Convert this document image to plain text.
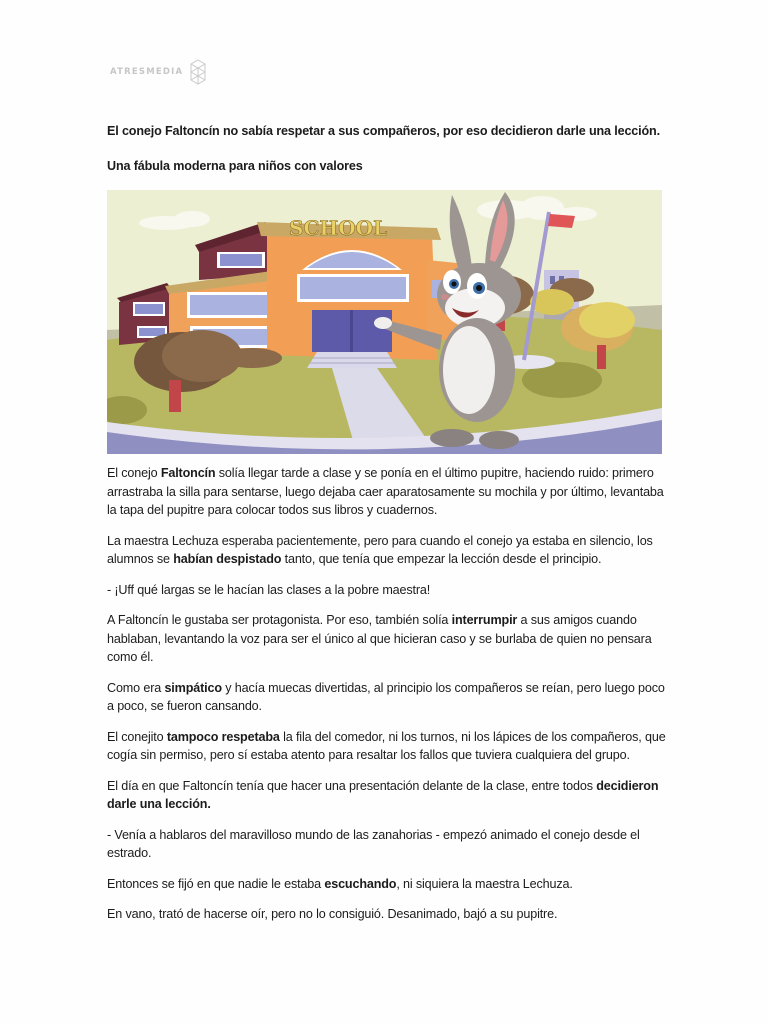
ATRESMEDIA

El conejo Faltoncín no sabía respetar a sus compañeros, por eso decidieron darle una lección.

Una fábula moderna para niños con valores

SCHOOL

El conejo Faltoncín solía llegar tarde a clase y se ponía en el último pupitre, haciendo ruido: primero arrastraba la silla para sentarse, luego dejaba caer aparatosamente su mochila y por último, levantaba la tapa del pupitre para colocar todos sus libros y cuadernos.

La maestra Lechuza esperaba pacientemente, pero para cuando el conejo ya estaba en silencio, los alumnos se habían despistado tanto, que tenía que empezar la lección desde el principio.

- ¡Uff qué largas se le hacían las clases a la pobre maestra!

A Faltoncín le gustaba ser protagonista. Por eso, también solía interrumpir a sus amigos cuando hablaban, levantando la voz para ser el único al que hicieran caso y se burlaba de quien no pensara como él.

Como era simpático y hacía muecas divertidas, al principio los compañeros se reían, pero luego poco a poco, se fueron cansando.

El conejito tampoco respetaba la fila del comedor, ni los turnos, ni los lápices de los compañeros, que cogía sin permiso, pero sí estaba atento para resaltar los fallos que tuviera cualquiera del grupo.

El día en que Faltoncín tenía que hacer una presentación delante de la clase, entre todos decidieron darle una lección.

- Venía a hablaros del maravilloso mundo de las zanahorias - empezó animado el conejo desde el estrado.

Entonces se fijó en que nadie le estaba escuchando, ni siquiera la maestra Lechuza.

En vano, trató de hacerse oír, pero no lo consiguió. Desanimado, bajó a su pupitre.
